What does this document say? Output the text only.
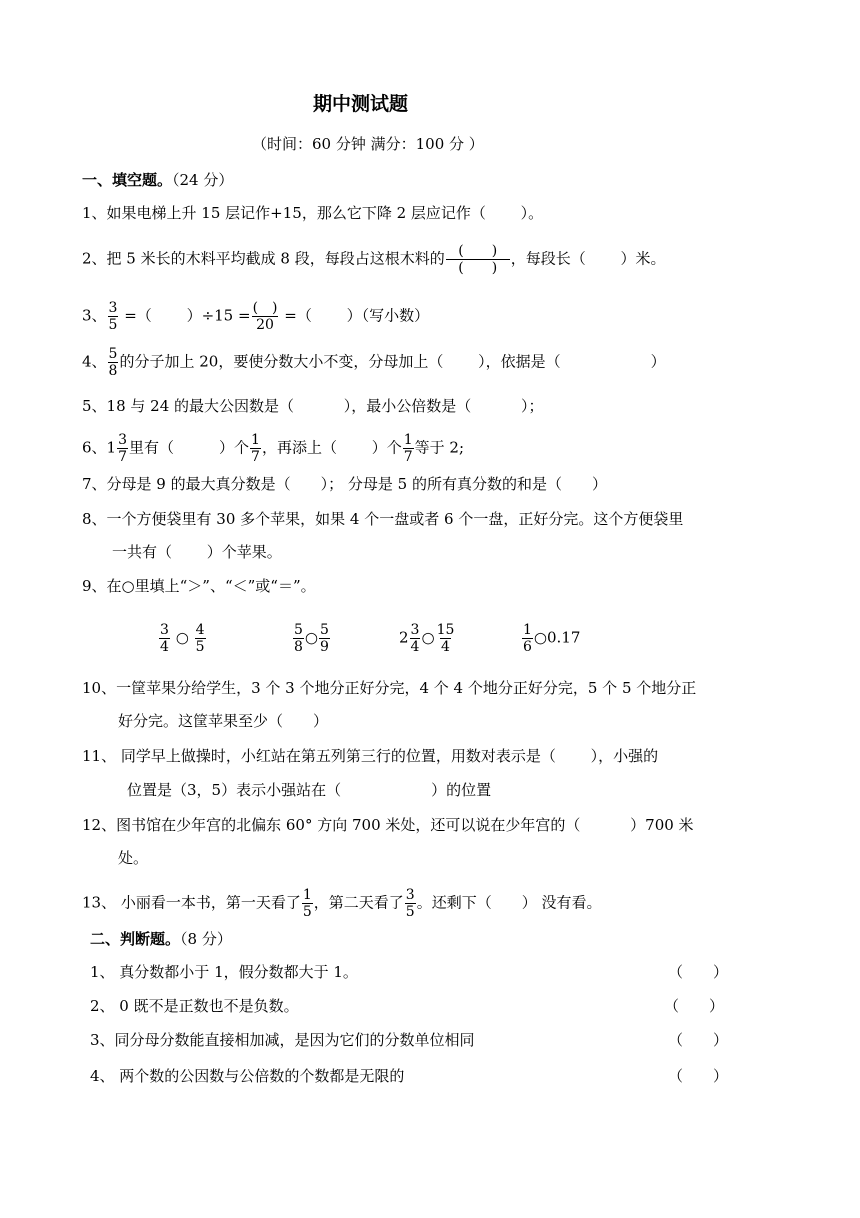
期中测试题
（时间：60 分钟 满分：100 分 ）
一、填空题。（24 分）
1、如果电梯上升 15 层记作+15，那么它下降 2 层应记作（　　 ）。
2、把 5 米长的木料平均截成 8 段，每段占这根木料的 $\frac{( )}{( )}$ ，每段长（　　 ）米。
3、 $\frac{3}{5}$ =（　　 ）$\div 15 = \frac{( )}{20}$ =（　　 ）（写小数）
4、 $\frac{5}{8}$ 的分子加上 20，要使分数大小不变，分母加上（　　 ），依据是（　　　　　　）
5、18 与 24 的最大公因数是（　　　 ），最小公倍数是（　　　 ）；
6、$1 \frac{3}{7}$ 里有（　　　）个 $\frac{1}{7}$ ，再添上（　　 ）个 $\frac{1}{7}$ 等于 2;
7、分母是 9 的最大真分数是（　　）； 分母是 5 的所有真分数的和是（　　）
8、一个方便袋里有 30 多个苹果，如果 4 个一盘或者 6 个一盘，正好分完。这个方便袋里
一共有（　　 ）个苹果。
9、在○里填上“＞”、“＜”或“＝”。
$\frac{3}{4}$ ○ $\frac{4}{5}$	$\frac{5}{8}$ ○ $\frac{5}{9}$	$2 \frac{3}{4}$ ○ $\frac{15}{4}$	$\frac{1}{6}$ ○0.17
10、一筐苹果分给学生，3 个 3 个地分正好分完，4 个 4 个地分正好分完，5 个 5 个地分正
好分完。这筐苹果至少（　　）
11、 同学早上做操时，小红站在第五列第三行的位置，用数对表示是（　　 ），小强的
位置是（3，5）表示小强站在（　　　　　　）的位置
12、图书馆在少年宫的北偏东 60° 方向 700 米处，还可以说在少年宫的（　　　 ）700 米
处。
13、 小丽看一本书，第一天看了 $\frac{1}{5}$ ，第二天看了 $\frac{3}{5}$ 。还剩下（　　） 没有看。
二、判断题。（8 分）
1、 真分数都小于 1，假分数都大于 1。	（　　）
2、 0 既不是正数也不是负数。	（　　）
3、同分母分数能直接相加减，是因为它们的分数单位相同	（　　）
4、 两个数的公因数与公倍数的个数都是无限的	（　　）
